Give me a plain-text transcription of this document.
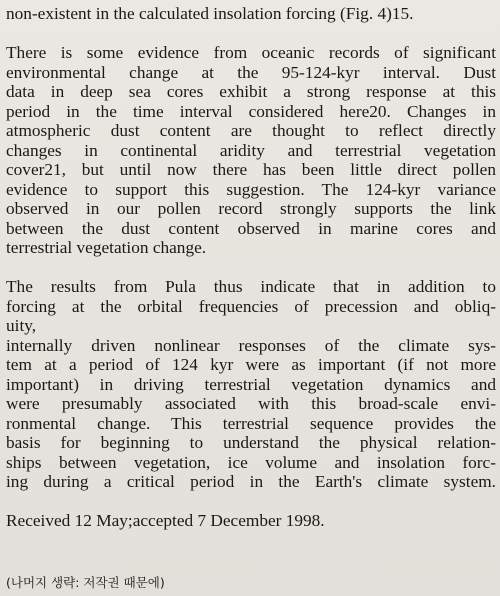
non-existent in the calculated insolation forcing (Fig. 4)15.
There is some evidence from oceanic records of significant
environmental change at the 95-124-kyr interval. Dust
data in deep sea cores exhibit a strong response at this
period in the time interval considered here20. Changes in
atmospheric dust content are thought to reflect directly
changes in continental aridity and terrestrial vegetation
cover21, but until now there has been little direct pollen
evidence to support this suggestion. The 124-kyr variance
observed in our pollen record strongly supports the link
between the dust content observed in marine cores and
terrestrial vegetation change.
The results from Pula thus indicate that in addition to
forcing at the orbital frequencies of precession and obliq-
uity,
internally driven nonlinear responses of the climate sys-
tem at a period of 124 kyr were as important (if not more
important) in driving terrestrial vegetation dynamics and
were presumably associated with this broad-scale envi-
ronmental change. This terrestrial sequence provides the
basis for beginning to understand the physical relation-
ships between vegetation, ice volume and insolation forc-
ing during a critical period in the Earth's climate system.
Received 12 May;accepted 7 December 1998.
(나머지 생략: 저작권 때문에)
